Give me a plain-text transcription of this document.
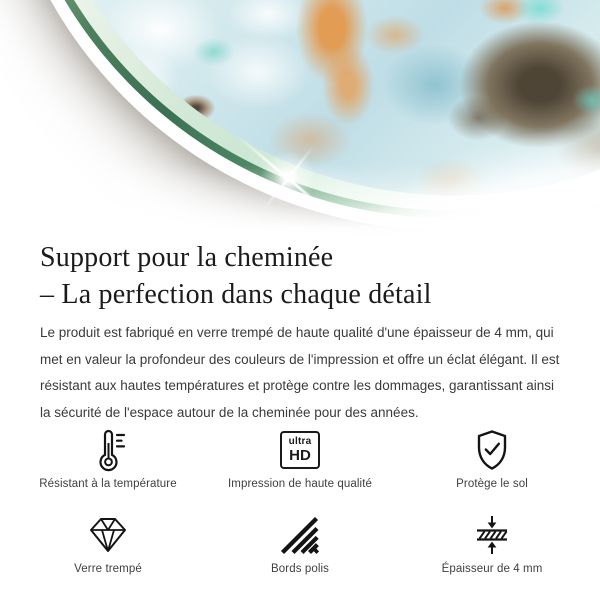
Support pour la cheminée
– La perfection dans chaque détail

Le produit est fabriqué en verre trempé de haute qualité d'une épaisseur de 4 mm, qui met en valeur la profondeur des couleurs de l'impression et offre un éclat élégant. Il est résistant aux hautes températures et protège contre les dommages, garantissant ainsi la sécurité de l'espace autour de la cheminée pour des années.

Résistant à la température
ultra
HD
Impression de haute qualité	Protège le sol
Verre trempé	Bords polis	Épaisseur de 4 mm
